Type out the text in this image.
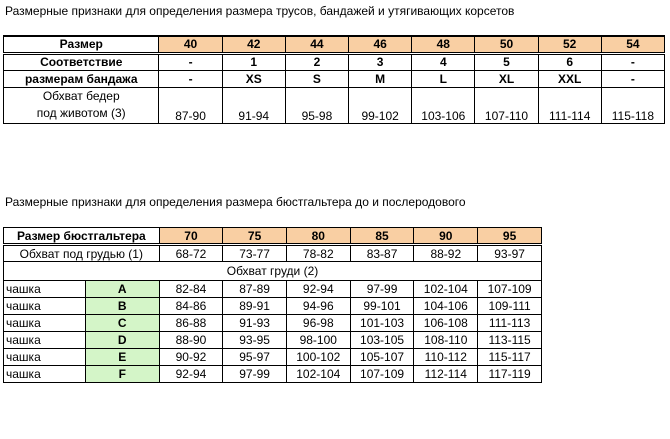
Размерные признаки для определения размера трусов, бандажей и утягивающих корсетов
Размер	40	42	44	46	48	50	52	54
Соответствие	-	1	2	3	4	5	6	-
размерам бандажа	-	XS	S	M	L	XL	XXL	-

Обхват бедер
под животом (3)	87-90	91-94	95-98	99-102	103-106	107-110	111-114	115-118
Размерные признаки для определения размера бюстгальтера до и послеродового
Размер бюстгальтера		70	75	80	85	90	95
Обхват под грудью (1)		68-72	73-77	78-82	83-87	88-92	93-97
Обхват груди (2)							
чашка	A	82-84	87-89	92-94	97-99	102-104	107-109
чашка	B	84-86	89-91	94-96	99-101	104-106	109-111
чашка	C	86-88	91-93	96-98	101-103	106-108	111-113
чашка	D	88-90	93-95	98-100	103-105	108-110	113-115
чашка	E	90-92	95-97	100-102	105-107	110-112	115-117
чашка	F	92-94	97-99	102-104	107-109	112-114	117-119
